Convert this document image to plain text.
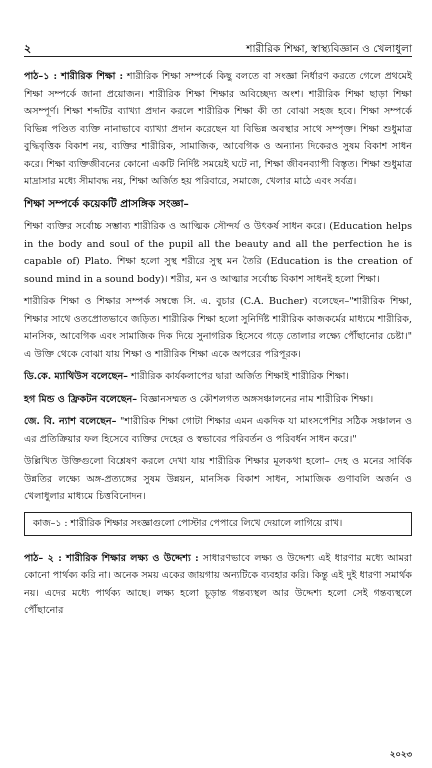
২	শারীরিক শিক্ষা, স্বাস্থ্যবিজ্ঞান ও খেলাধুলা

পাঠ–১ : শারীরিক শিক্ষা : শারীরিক শিক্ষা সম্পর্কে কিছু বলতে বা সংজ্ঞা নির্ধারণ করতে গেলে প্রথমেই শিক্ষা সম্পর্কে জানা প্রয়োজন। শারীরিক শিক্ষা শিক্ষার অবিচ্ছেদ্য অংশ। শারীরিক শিক্ষা ছাড়া শিক্ষা অসম্পূর্ণ। শিক্ষা শব্দটির ব্যাখ্যা প্রদান করলে শারীরিক শিক্ষা কী তা বোঝা সহজ হবে। শিক্ষা সম্পর্কে বিভিন্ন পণ্ডিত ব্যক্তি নানাভাবে ব্যাখ্যা প্রদান করেছেন যা বিভিন্ন অবস্থার সাথে সম্পৃক্ত। শিক্ষা শুধুমাত্র বুদ্ধিবৃত্তিক বিকাশ নয়, ব্যক্তির শারীরিক, সামাজিক, আবেগিক ও অন্যান্য দিকেরও সুষম বিকাশ সাধন করে। শিক্ষা ব্যক্তিজীবনের কোনো একটি নির্দিষ্ট সময়েই ঘটে না, শিক্ষা জীবনব্যাপী বিস্তৃত। শিক্ষা শুধুমাত্র মাদ্রাসার মধ্যে সীমাবদ্ধ নয়, শিক্ষা অর্জিত হয় পরিবারে, সমাজে, খেলার মাঠে এবং সর্বত্র।

শিক্ষা সম্পর্কে কয়েকটি প্রাসঙ্গিক সংজ্ঞা–

শিক্ষা ব্যক্তির সর্বোচ্চ সম্ভাব্য শারীরিক ও আত্মিক সৌন্দর্য ও উৎকর্ষ সাধন করে। (Education helps in the body and soul of the pupil all the beauty and all the perfection he is capable of) Plato. শিক্ষা হলো সুস্থ শরীরে সুস্থ মন তৈরি (Education is the creation of sound mind in a sound body)। শরীর, মন ও আত্মার সর্বোচ্চ বিকাশ সাধনই হলো শিক্ষা।

শারীরিক শিক্ষা ও শিক্ষার সম্পর্ক সম্বন্ধে সি. এ. বুচার (C.A. Bucher) বলেছেন–"শারীরিক শিক্ষা, শিক্ষার সাথে ওতপ্রোতভাবে জড়িত। শারীরিক শিক্ষা হলো সুনির্দিষ্ট শারীরিক কাজকর্মের মাধ্যমে শারীরিক, মানসিক, আবেগিক এবং সামাজিক দিক দিয়ে সুনাগরিক হিসেবে গড়ে তোলার লক্ষ্যে পৌঁছানোর চেষ্টা।" এ উক্তি থেকে বোঝা যায় শিক্ষা ও শারীরিক শিক্ষা একে অপরের পরিপূরক।

ডি.কে. ম্যাথিউস বলেছেন– শারীরিক কার্যকলাপের দ্বারা অর্জিত শিক্ষাই শারীরিক শিক্ষা।

হগ মিন্ড ও ফ্রিকটন বলেছেন– বিজ্ঞানসম্মত ও কৌশলগত অঙ্গসঞ্চালনের নাম শারীরিক শিক্ষা।

জে. বি. ন্যাশ বলেছেন– "শারীরিক শিক্ষা গোটা শিক্ষার এমন একদিক যা মাংসপেশির সঠিক সঞ্চালন ও এর প্রতিক্রিয়ার ফল হিসেবে ব্যক্তির দেহের ও স্বভাবের পরিবর্তন ও পরিবর্ধন সাধন করে।"

উল্লিখিত উক্তিগুলো বিশ্লেষণ করলে দেখা যায় শারীরিক শিক্ষার মূলকথা হলো– দেহ ও মনের সার্বিক উন্নতির লক্ষ্যে অঙ্গ-প্রত্যঙ্গের সুষম উন্নয়ন, মানসিক বিকাশ সাধন, সামাজিক গুণাবলি অর্জন ও খেলাধুলার মাধ্যমে চিত্তবিনোদন।

কাজ–১ : শারীরিক শিক্ষার সংজ্ঞাগুলো পোস্টার পেপারে লিখে দেয়ালে লাগিয়ে রাখ।

পাঠ– ২ : শারীরিক শিক্ষার লক্ষ্য ও উদ্দেশ্য : সাধারণভাবে লক্ষ্য ও উদ্দেশ্য এই ধারণার মধ্যে আমরা কোনো পার্থক্য করি না। অনেক সময় একের জায়গায় অন্যটিকে ব্যবহার করি। কিন্তু এই দুই ধারণা সমার্থক নয়। এদের মধ্যে পার্থক্য আছে। লক্ষ্য হলো চূড়ান্ত গন্তব্যস্থল আর উদ্দেশ্য হলো সেই গন্তব্যস্থলে পৌঁছানোর

২০২৩
